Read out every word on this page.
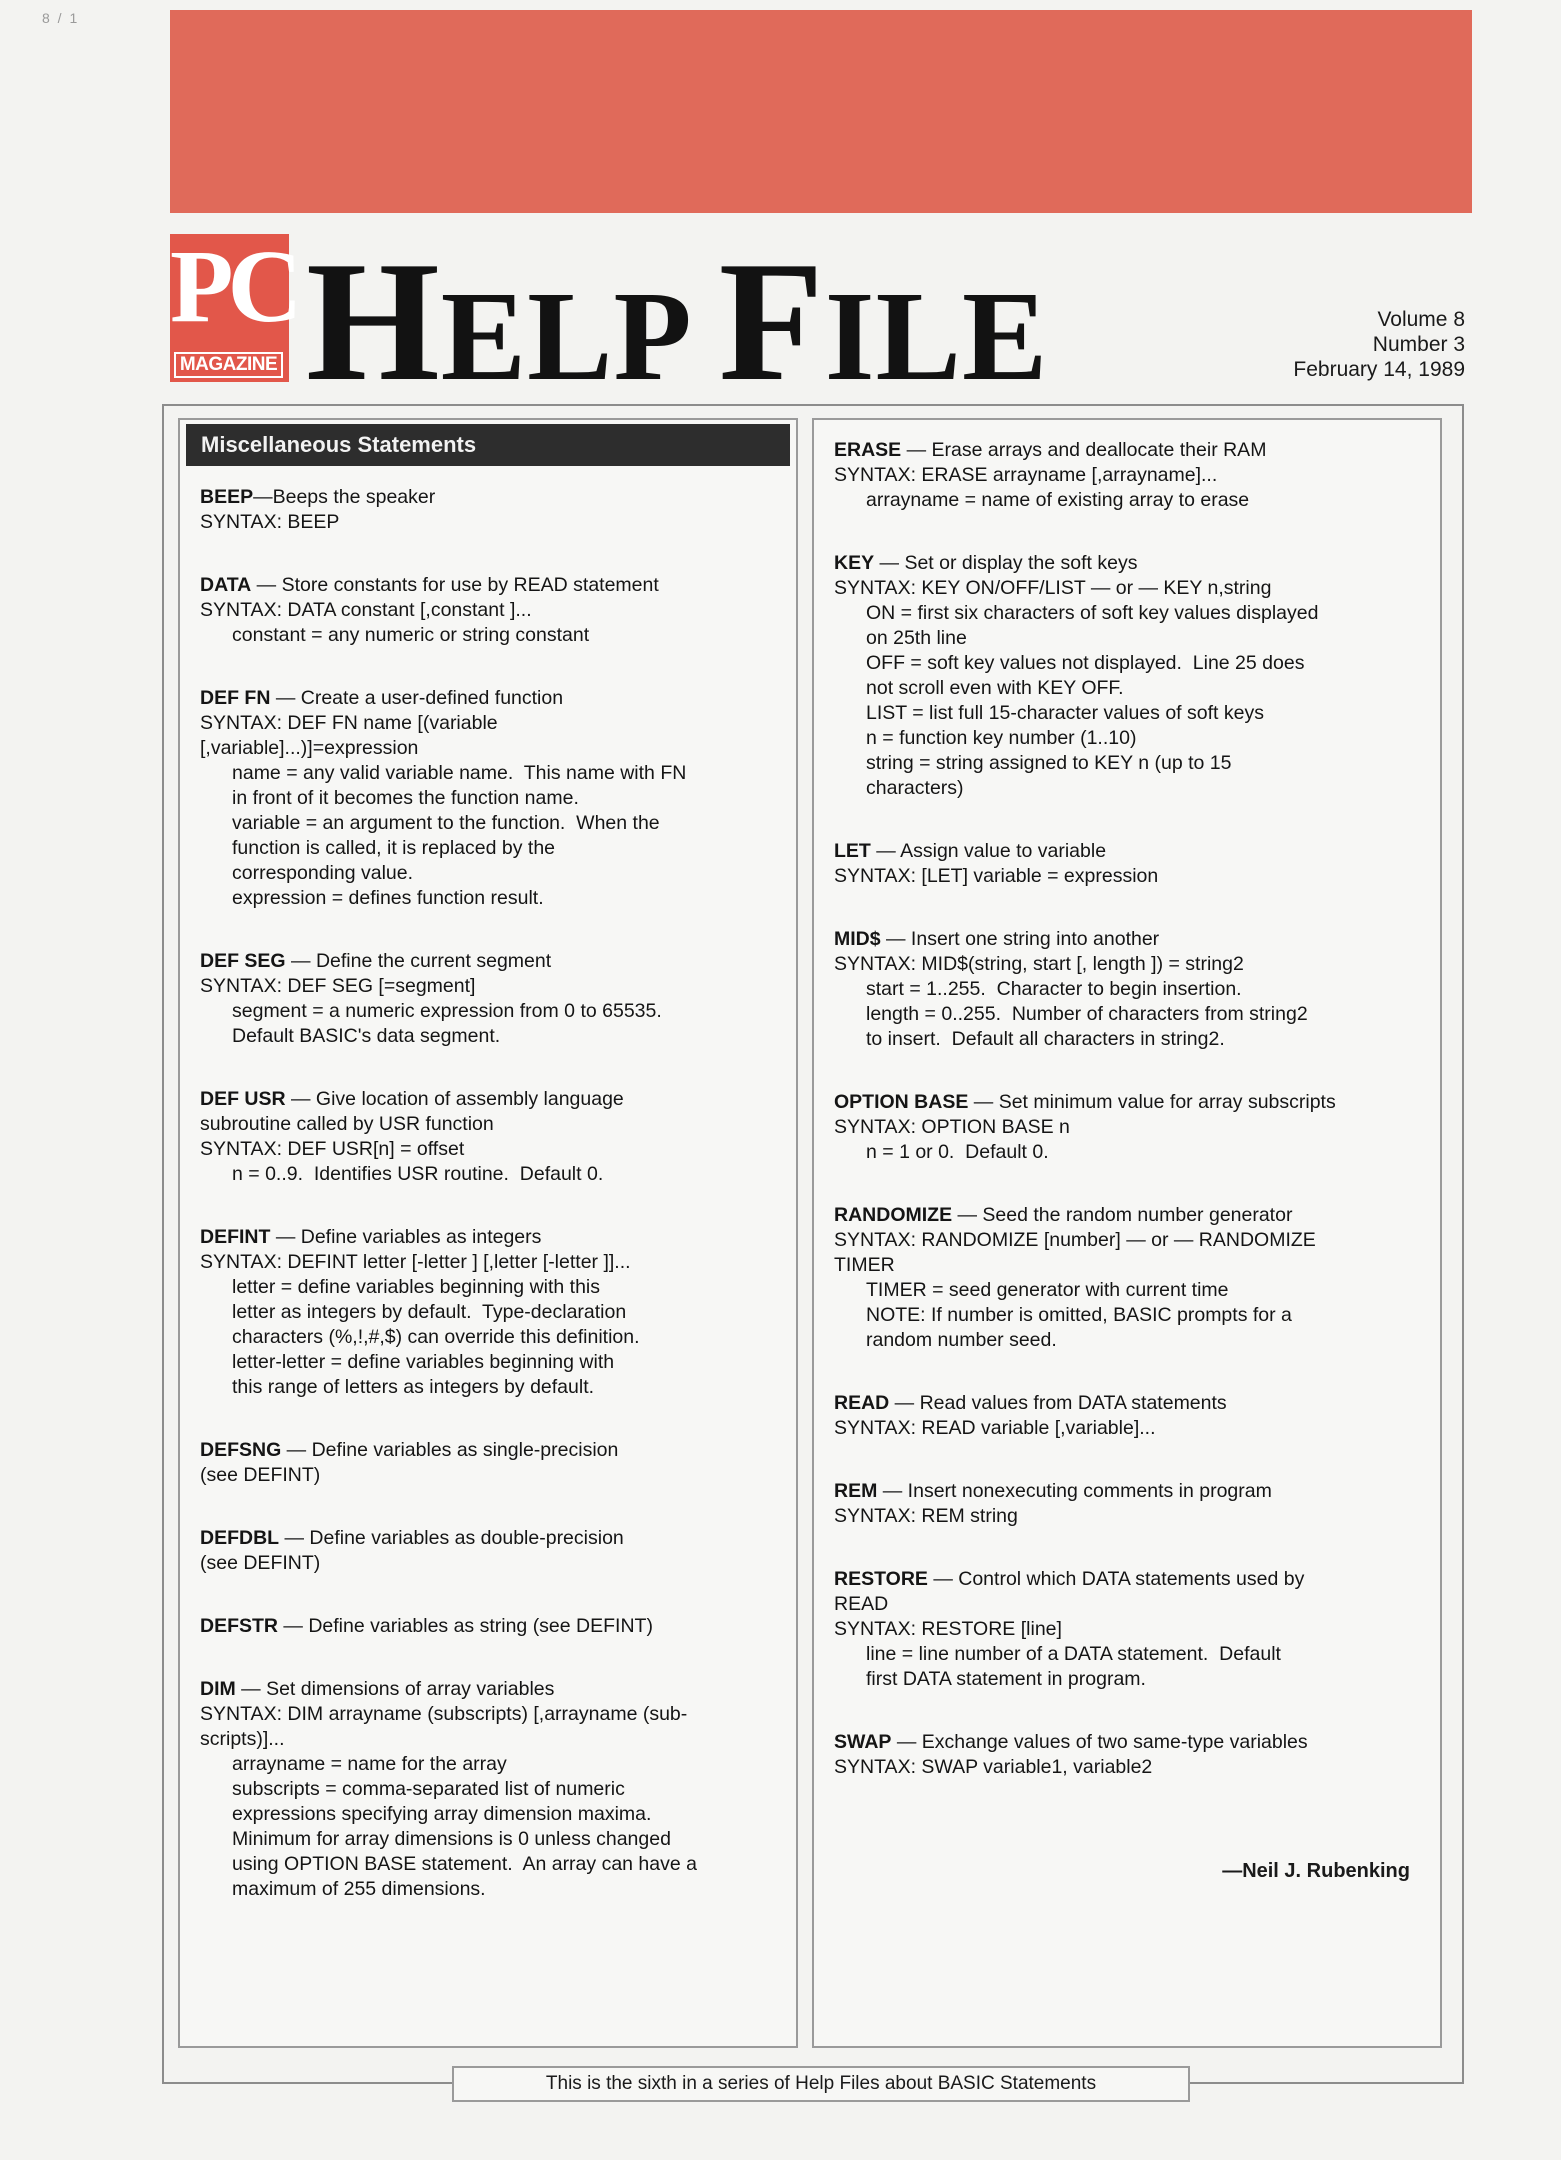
8 / 1
PC
MAGAZINE HELP FILE	Volume 8
Number 3
February 14, 1989
Miscellaneous Statements
BEEP—Beeps the speaker
SYNTAX: BEEP
DATA — Store constants for use by READ statement
SYNTAX: DATA constant [,constant ]...
constant = any numeric or string constant
DEF FN — Create a user-defined function
SYNTAX: DEF FN name [(variable
[,variable]...)]=expression
name = any valid variable name.  This name with FN
in front of it becomes the function name.
variable = an argument to the function.  When the
function is called, it is replaced by the
corresponding value.
expression = defines function result.
DEF SEG — Define the current segment
SYNTAX: DEF SEG [=segment]
segment = a numeric expression from 0 to 65535.
Default BASIC's data segment.
DEF USR — Give location of assembly language
subroutine called by USR function
SYNTAX: DEF USR[n] = offset
n = 0..9.  Identifies USR routine.  Default 0.
DEFINT — Define variables as integers
SYNTAX: DEFINT letter [-letter ] [,letter [-letter ]]...
letter = define variables beginning with this
letter as integers by default.  Type-declaration
characters (%,!,#,$) can override this definition.
letter-letter = define variables beginning with
this range of letters as integers by default.
DEFSNG — Define variables as single-precision
(see DEFINT)
DEFDBL — Define variables as double-precision
(see DEFINT)
DEFSTR — Define variables as string (see DEFINT)
DIM — Set dimensions of array variables
SYNTAX: DIM arrayname (subscripts) [,arrayname (sub-
scripts)]...
arrayname = name for the array
subscripts = comma-separated list of numeric
expressions specifying array dimension maxima.
Minimum for array dimensions is 0 unless changed
using OPTION BASE statement.  An array can have a
maximum of 255 dimensions.
ERASE — Erase arrays and deallocate their RAM
SYNTAX: ERASE arrayname [,arrayname]...
arrayname = name of existing array to erase
KEY — Set or display the soft keys
SYNTAX: KEY ON/OFF/LIST — or — KEY n,string
ON = first six characters of soft key values displayed
on 25th line
OFF = soft key values not displayed.  Line 25 does
not scroll even with KEY OFF.
LIST = list full 15-character values of soft keys
n = function key number (1..10)
string = string assigned to KEY n (up to 15
characters)
LET — Assign value to variable
SYNTAX: [LET] variable = expression
MID$ — Insert one string into another
SYNTAX: MID$(string, start [, length ]) = string2
start = 1..255.  Character to begin insertion.
length = 0..255.  Number of characters from string2
to insert.  Default all characters in string2.
OPTION BASE — Set minimum value for array subscripts
SYNTAX: OPTION BASE n
n = 1 or 0.  Default 0.
RANDOMIZE — Seed the random number generator
SYNTAX: RANDOMIZE [number] — or — RANDOMIZE
TIMER
TIMER = seed generator with current time
NOTE: If number is omitted, BASIC prompts for a
random number seed.
READ — Read values from DATA statements
SYNTAX: READ variable [,variable]...
REM — Insert nonexecuting comments in program
SYNTAX: REM string
RESTORE — Control which DATA statements used by
READ
SYNTAX: RESTORE [line]
line = line number of a DATA statement.  Default
first DATA statement in program.
SWAP — Exchange values of two same-type variables
SYNTAX: SWAP variable1, variable2
—Neil J. Rubenking
This is the sixth in a series of Help Files about BASIC Statements
